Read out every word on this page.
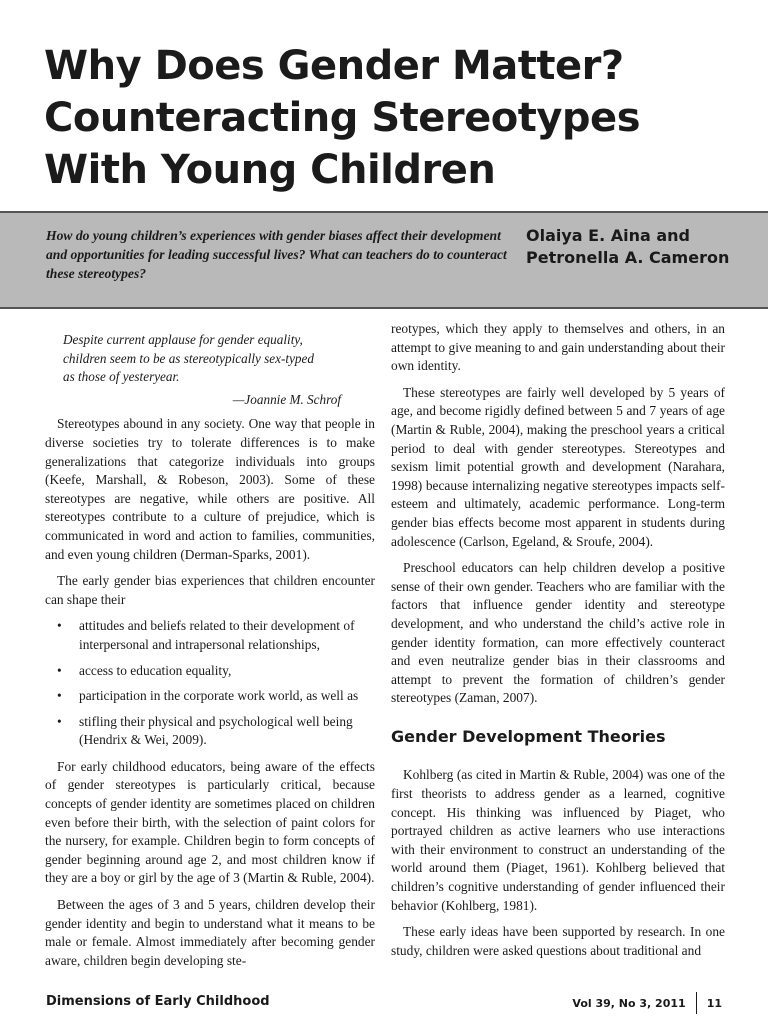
Why Does Gender Matter?
Counteracting Stereotypes
With Young Children
How do young children’s experiences with gender biases affect their development and opportunities for leading successful lives? What can teachers do to counteract these stereotypes?
Olaiya E. Aina and
Petronella A. Cameron
Despite current applause for gender equality,
children seem to be as stereotypically sex-typed
as those of yesteryear.
—Joannie M. Schrof

Stereotypes abound in any society. One way that people in diverse societies try to tolerate differences is to make generalizations that categorize individuals into groups (Keefe, Marshall, & Robeson, 2003). Some of these stereotypes are negative, while others are positive. All stereotypes contribute to a culture of prejudice, which is communicated in word and action to families, communities, and even young children (Derman-Sparks, 2001).

The early gender bias experiences that children encounter can shape their

• attitudes and beliefs related to their development of interpersonal and intrapersonal relationships,
• access to education equality,
• participation in the corporate work world, as well as
• stifling their physical and psychological well being (Hendrix & Wei, 2009).

For early childhood educators, being aware of the effects of gender stereotypes is particularly critical, because concepts of gender identity are sometimes placed on children even before their birth, with the selection of paint colors for the nursery, for example. Children begin to form concepts of gender beginning around age 2, and most children know if they are a boy or girl by the age of 3 (Martin & Ruble, 2004).

Between the ages of 3 and 5 years, children develop their gender identity and begin to understand what it means to be male or female. Almost immediately after becoming gender aware, children begin developing ste-

reotypes, which they apply to themselves and others, in an attempt to give meaning to and gain understanding about their own identity.

These stereotypes are fairly well developed by 5 years of age, and become rigidly defined between 5 and 7 years of age (Martin & Ruble, 2004), making the preschool years a critical period to deal with gender stereotypes. Stereotypes and sexism limit potential growth and development (Narahara, 1998) because internalizing negative stereotypes impacts self-esteem and ultimately, academic performance. Long-term gender bias effects become most apparent in students during adolescence (Carlson, Egeland, & Sroufe, 2004).

Preschool educators can help children develop a positive sense of their own gender. Teachers who are familiar with the factors that influence gender identity and stereotype development, and who understand the child’s active role in gender identity formation, can more effectively counteract and even neutralize gender bias in their classrooms and attempt to prevent the formation of children’s gender stereotypes (Zaman, 2007).

Gender Development Theories

Kohlberg (as cited in Martin & Ruble, 2004) was one of the first theorists to address gender as a learned, cognitive concept. His thinking was influenced by Piaget, who portrayed children as active learners who use interactions with their environment to construct an understanding of the world around them (Piaget, 1961). Kohlberg believed that children’s cognitive understanding of gender influenced their behavior (Kohlberg, 1981).

These early ideas have been supported by research. In one study, children were asked questions about traditional and

Dimensions of Early Childhood	Vol 39, No 3, 2011 11
